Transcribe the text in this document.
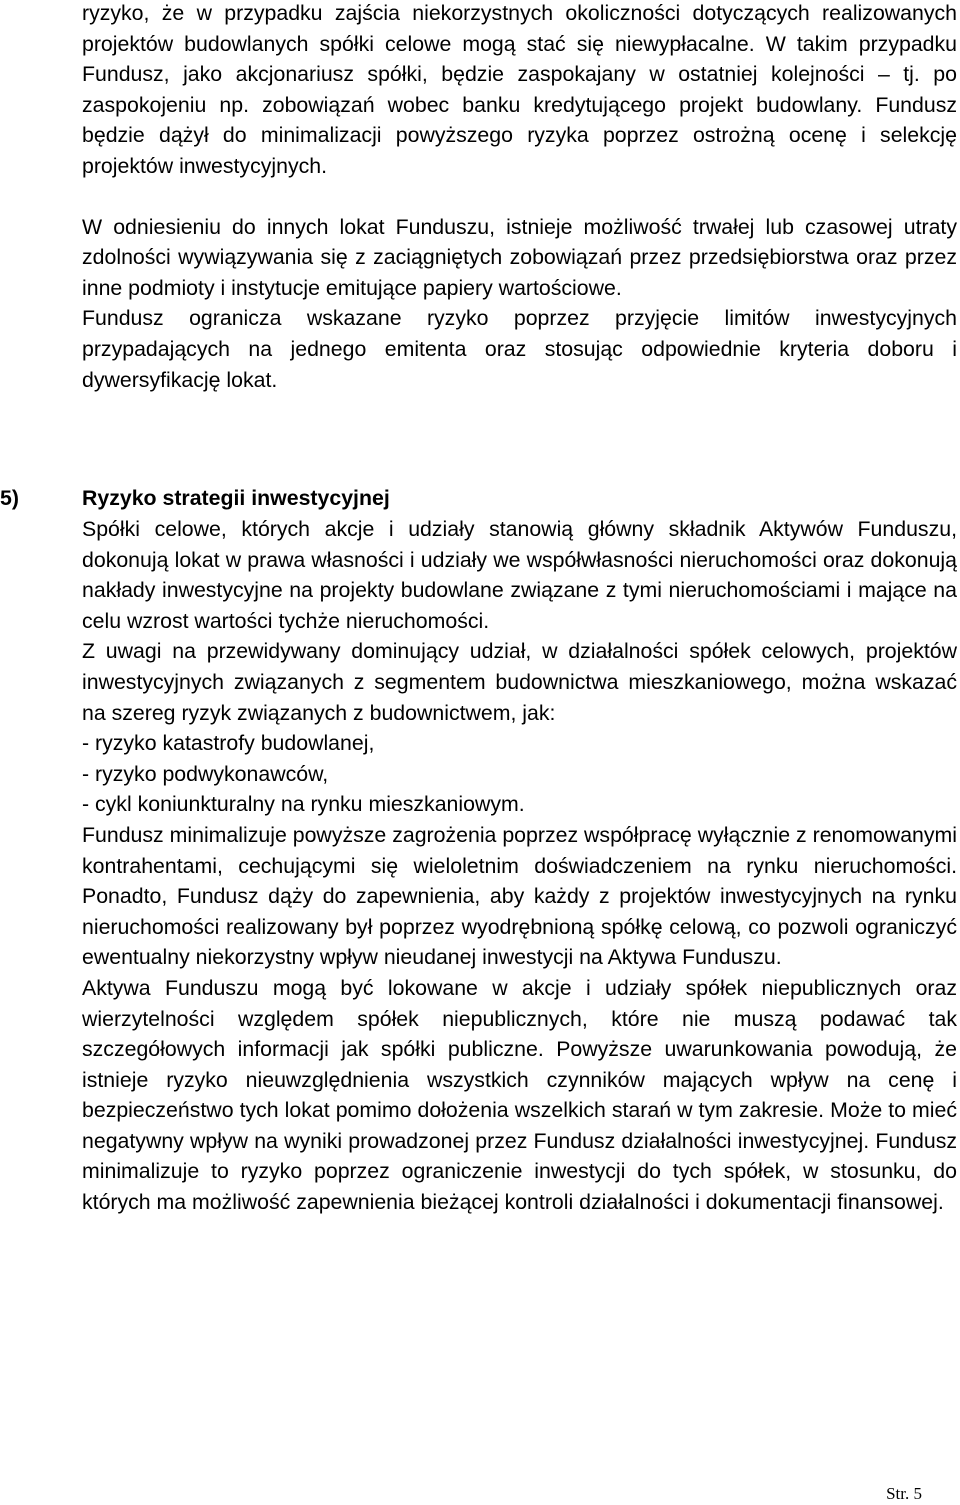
ryzyko, że w przypadku zajścia niekorzystnych okoliczności dotyczących realizowanych projektów budowlanych spółki celowe mogą stać się niewypłacalne. W takim przypadku Fundusz, jako akcjonariusz spółki, będzie zaspokajany w ostatniej kolejności – tj. po zaspokojeniu np. zobowiązań wobec banku kredytującego projekt budowlany. Fundusz będzie dążył do minimalizacji powyższego ryzyka poprzez ostrożną ocenę i selekcję projektów inwestycyjnych.

W odniesieniu do innych lokat Funduszu, istnieje możliwość trwałej lub czasowej utraty zdolności wywiązywania się z zaciągniętych zobowiązań przez przedsiębiorstwa oraz przez inne podmioty i instytucje emitujące papiery wartościowe.

Fundusz ogranicza wskazane ryzyko poprzez przyjęcie limitów inwestycyjnych przypadających na jednego emitenta oraz stosując odpowiednie kryteria doboru i dywersyfikację lokat.

5)	Ryzyko strategii inwestycyjnej

Spółki celowe, których akcje i udziały stanowią główny składnik Aktywów Funduszu, dokonują lokat w prawa własności i udziały we współwłasności nieruchomości oraz dokonują nakłady inwestycyjne na projekty budowlane związane z tymi nieruchomościami i mające na celu wzrost wartości tychże nieruchomości.

Z uwagi na przewidywany dominujący udział, w działalności spółek celowych, projektów inwestycyjnych związanych z segmentem budownictwa mieszkaniowego, można wskazać na szereg ryzyk związanych z budownictwem, jak:

- ryzyko katastrofy budowlanej,
- ryzyko podwykonawców,
- cykl koniunkturalny na rynku mieszkaniowym.

Fundusz minimalizuje powyższe zagrożenia poprzez współpracę wyłącznie z renomowanymi kontrahentami, cechującymi się wieloletnim doświadczeniem na rynku nieruchomości. Ponadto, Fundusz dąży do zapewnienia, aby każdy z projektów inwestycyjnych na rynku nieruchomości realizowany był poprzez wyodrębnioną spółkę celową, co pozwoli ograniczyć ewentualny niekorzystny wpływ nieudanej inwestycji na Aktywa Funduszu.

Aktywa Funduszu mogą być lokowane w akcje i udziały spółek niepublicznych oraz wierzytelności względem spółek niepublicznych, które nie muszą podawać tak szczegółowych informacji jak spółki publiczne. Powyższe uwarunkowania powodują, że istnieje ryzyko nieuwzględnienia wszystkich czynników mających wpływ na cenę i bezpieczeństwo tych lokat pomimo dołożenia wszelkich starań w tym zakresie. Może to mieć negatywny wpływ na wyniki prowadzonej przez Fundusz działalności inwestycyjnej. Fundusz minimalizuje to ryzyko poprzez ograniczenie inwestycji do tych spółek, w stosunku, do których ma możliwość zapewnienia bieżącej kontroli działalności i dokumentacji finansowej.

Str. 5
